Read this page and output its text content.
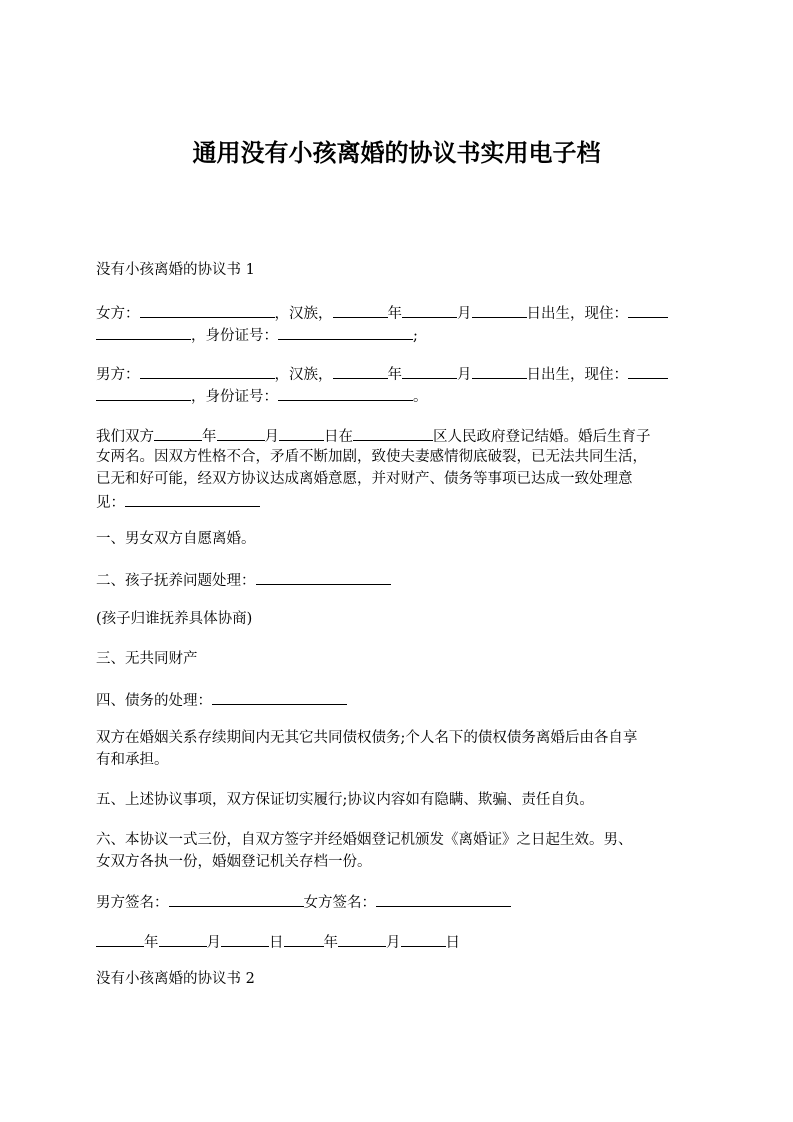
通用没有小孩离婚的协议书实用电子档
没有小孩离婚的协议书 1
女方：	，汉族，	年	月	日出生，现住：
，身份证号：	;
男方：	，汉族，	年	月	日出生，现住：
，身份证号：	。
我们双方	年	月	日在	区人民政府登记结婚。婚后生育子
女两名。因双方性格不合，矛盾不断加剧，致使夫妻感情彻底破裂，已无法共同生活，
已无和好可能，经双方协议达成离婚意愿，并对财产、债务等事项已达成一致处理意
见：
一、男女双方自愿离婚。
二、孩子抚养问题处理：
(孩子归谁抚养具体协商)
三、无共同财产
四、债务的处理：
双方在婚姻关系存续期间内无其它共同债权债务;个人名下的债权债务离婚后由各自享
有和承担。
五、上述协议事项，双方保证切实履行;协议内容如有隐瞒、欺骗、责任自负。
六、本协议一式三份，自双方签字并经婚姻登记机颁发《离婚证》之日起生效。男、
女双方各执一份，婚姻登记机关存档一份。
男方签名：	女方签名：
年	月	日	年	月	日
没有小孩离婚的协议书 2
